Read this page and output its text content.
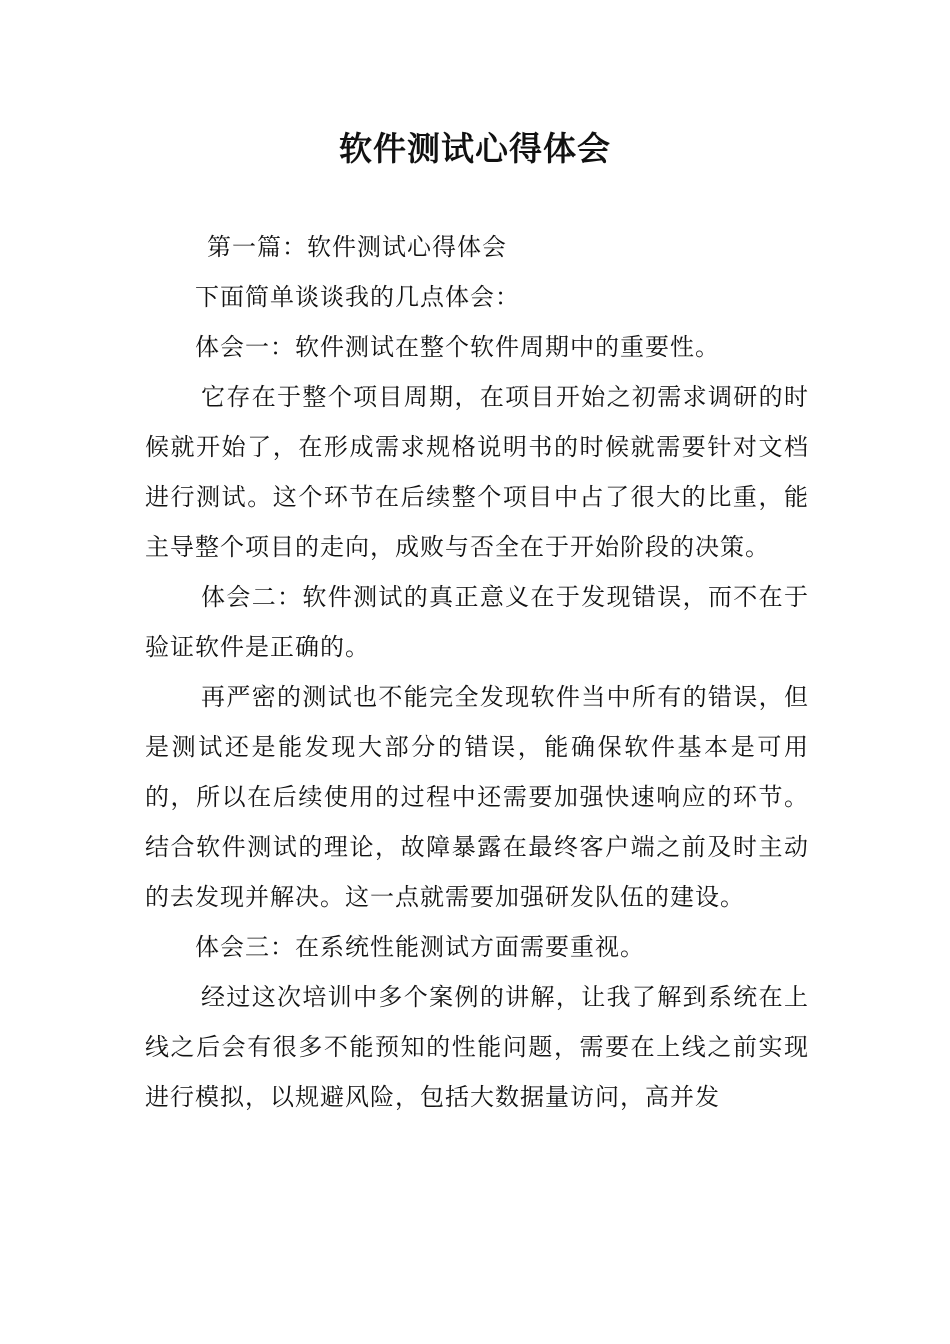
软件测试心得体会

第一篇：软件测试心得体会

下面简单谈谈我的几点体会：

体会一：软件测试在整个软件周期中的重要性。

它存在于整个项目周期，在项目开始之初需求调研的时候就开始了，在形成需求规格说明书的时候就需要针对文档进行测试。这个环节在后续整个项目中占了很大的比重，能主导整个项目的走向，成败与否全在于开始阶段的决策。

体会二：软件测试的真正意义在于发现错误，而不在于验证软件是正确的。

再严密的测试也不能完全发现软件当中所有的错误，但是测试还是能发现大部分的错误，能确保软件基本是可用的，所以在后续使用的过程中还需要加强快速响应的环节。结合软件测试的理论，故障暴露在最终客户端之前及时主动的去发现并解决。这一点就需要加强研发队伍的建设。

体会三：在系统性能测试方面需要重视。

经过这次培训中多个案例的讲解，让我了解到系统在上线之后会有很多不能预知的性能问题，需要在上线之前实现进行模拟，以规避风险，包括大数据量访问，高并发
